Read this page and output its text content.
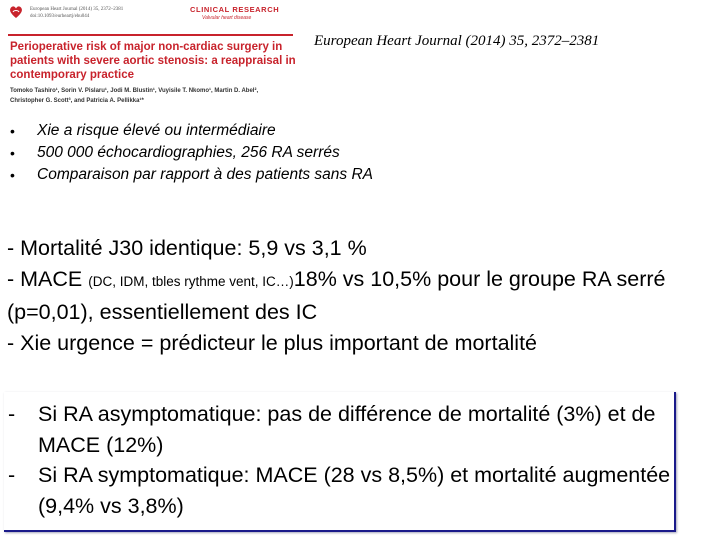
European Heart Journal (2014) 35, 2372–2381
doi:10.1093/eurheartj/ehu044
CLINICAL RESEARCH
Valvular heart disease
Perioperative risk of major non-cardiac surgery in patients with severe aortic stenosis: a reappraisal in contemporary practice
Tomoko Tashiro¹, Sorin V. Pislaru¹, Jodi M. Blustin¹, Vuyisile T. Nkomo¹, Martin D. Abel², Christopher G. Scott³, and Patricia A. Pellikka¹*
European Heart Journal (2014) 35, 2372–2381
• Xie a risque élevé ou intermédiaire
• 500 000 échocardiographies, 256 RA serrés
• Comparaison par rapport à des patients sans RA

- Mortalité J30 identique: 5,9 vs 3,1 %

- MACE (DC, IDM, tbles rythme vent, IC…)18% vs 10,5% pour le groupe RA serré (p=0,01), essentiellement des IC

- Xie urgence = prédicteur le plus important de mortalité

- Si RA asymptomatique: pas de différence de mortalité (3%) et de MACE (12%)
- Si RA symptomatique: MACE (28 vs 8,5%) et mortalité augmentée (9,4% vs 3,8%)
